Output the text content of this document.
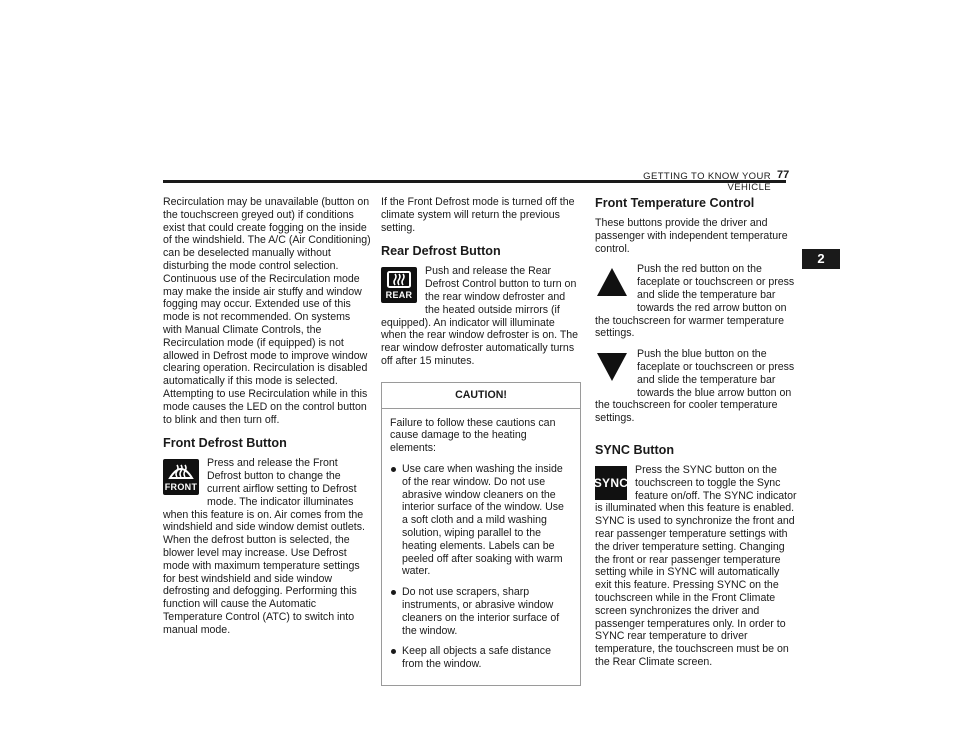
GETTING TO KNOW YOUR VEHICLE
77
2

Recirculation may be unavailable (button on the touchscreen greyed out) if conditions exist that could create fogging on the inside of the windshield. The A/C (Air Conditioning) can be deselected manually without disturbing the mode control selection. Continuous use of the Recirculation mode may make the inside air stuffy and window fogging may occur. Extended use of this mode is not recommended. On systems with Manual Climate Controls, the Recirculation mode (if equipped) is not allowed in Defrost mode to improve window clearing operation. Recirculation is disabled automatically if this mode is selected. Attempting to use Recirculation while in this mode causes the LED on the control button to blink and then turn off.

Front Defrost Button
FRONT

Press and release the Front Defrost button to change the current airflow setting to Defrost mode. The indicator illuminates when this feature is on. Air comes from the windshield and side window demist outlets. When the defrost button is selected, the blower level may increase. Use Defrost mode with maximum temperature settings for best windshield and side window defrosting and defogging. Performing this function will cause the Automatic Temperature Control (ATC) to switch into manual mode.

If the Front Defrost mode is turned off the climate system will return the previous setting.

Rear Defrost Button
REAR

Push and release the Rear Defrost Control button to turn on the rear window defroster and the heated outside mirrors (if equipped). An indicator will illuminate when the rear window defroster is on. The rear window defroster automatically turns off after 15 minutes.

CAUTION!

Failure to follow these cautions can cause damage to the heating elements:

Use care when washing the inside of the rear window. Do not use abrasive window cleaners on the interior surface of the window. Use a soft cloth and a mild washing solution, wiping parallel to the heating elements. Labels can be peeled off after soaking with warm water.
Do not use scrapers, sharp instruments, or abrasive window cleaners on the interior surface of the window.
Keep all objects a safe distance from the window.
Front Temperature Control

These buttons provide the driver and passenger with independent temperature control.

Push the red button on the faceplate or touchscreen or press and slide the temperature bar towards the red arrow button on the touchscreen for warmer temperature settings.

Push the blue button on the faceplate or touchscreen or press and slide the temperature bar towards the blue arrow button on the touchscreen for cooler temperature settings.

SYNC Button
SYNC

Press the SYNC button on the touchscreen to toggle the Sync feature on/off. The SYNC indicator is illuminated when this feature is enabled. SYNC is used to synchronize the front and rear passenger temperature settings with the driver temperature setting. Changing the front or rear passenger temperature setting while in SYNC will automatically exit this feature. Pressing SYNC on the touchscreen while in the Front Climate screen synchronizes the driver and passenger temperatures only. In order to SYNC rear temperature to driver temperature, the touchscreen must be on the Rear Climate screen.
